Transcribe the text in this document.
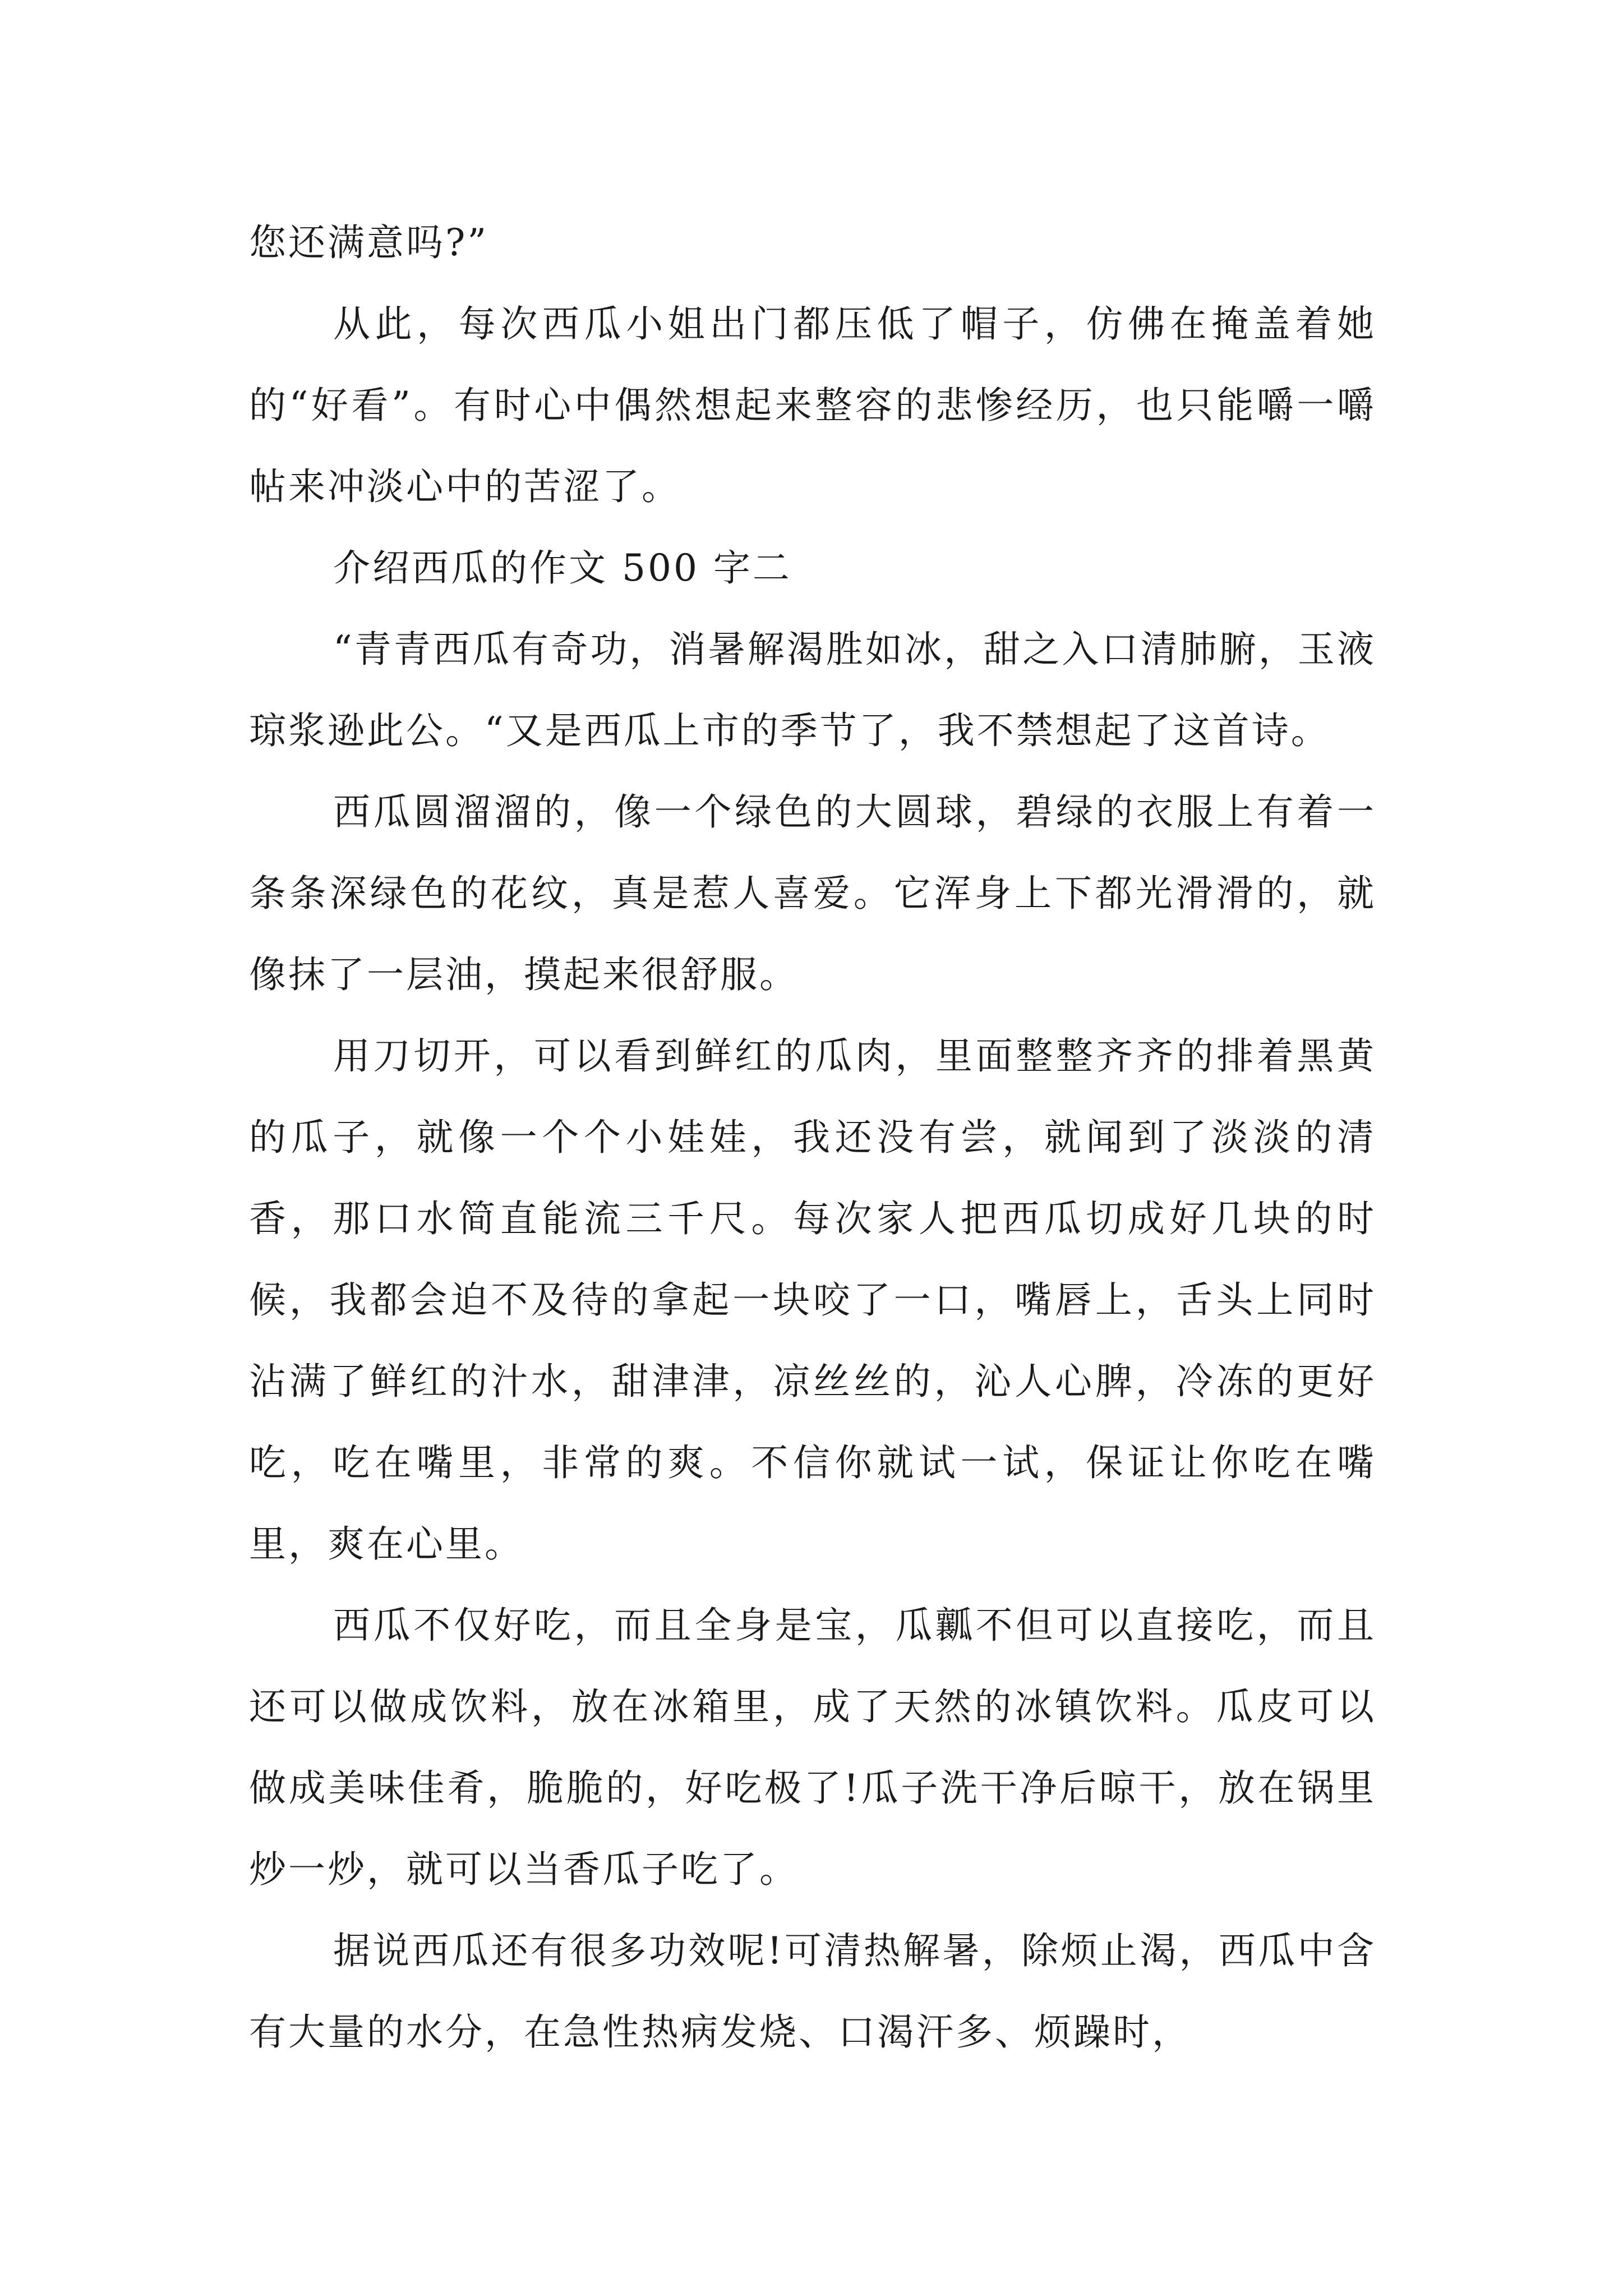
您还满意吗?”

从此，每次西瓜小姐出门都压低了帽子，仿佛在掩盖着她的“好看”。有时心中偶然想起来整容的悲惨经历，也只能嚼一嚼帖来冲淡心中的苦涩了。

介绍西瓜的作文 500 字二

“青青西瓜有奇功，消暑解渴胜如冰，甜之入口清肺腑，玉液琼浆逊此公。“又是西瓜上市的季节了，我不禁想起了这首诗。

西瓜圆溜溜的，像一个绿色的大圆球，碧绿的衣服上有着一条条深绿色的花纹，真是惹人喜爱。它浑身上下都光滑滑的，就像抹了一层油，摸起来很舒服。

用刀切开，可以看到鲜红的瓜肉，里面整整齐齐的排着黑黄的瓜子，就像一个个小娃娃，我还没有尝，就闻到了淡淡的清香，那口水简直能流三千尺。每次家人把西瓜切成好几块的时候，我都会迫不及待的拿起一块咬了一口，嘴唇上，舌头上同时沾满了鲜红的汁水，甜津津，凉丝丝的，沁人心脾，冷冻的更好吃，吃在嘴里，非常的爽。不信你就试一试，保证让你吃在嘴里，爽在心里。

西瓜不仅好吃，而且全身是宝，瓜瓤不但可以直接吃，而且还可以做成饮料，放在冰箱里，成了天然的冰镇饮料。瓜皮可以做成美味佳肴，脆脆的，好吃极了!瓜子洗干净后晾干，放在锅里炒一炒，就可以当香瓜子吃了。

据说西瓜还有很多功效呢!可清热解暑，除烦止渴，西瓜中含有大量的水分，在急性热病发烧、口渴汗多、烦躁时，
